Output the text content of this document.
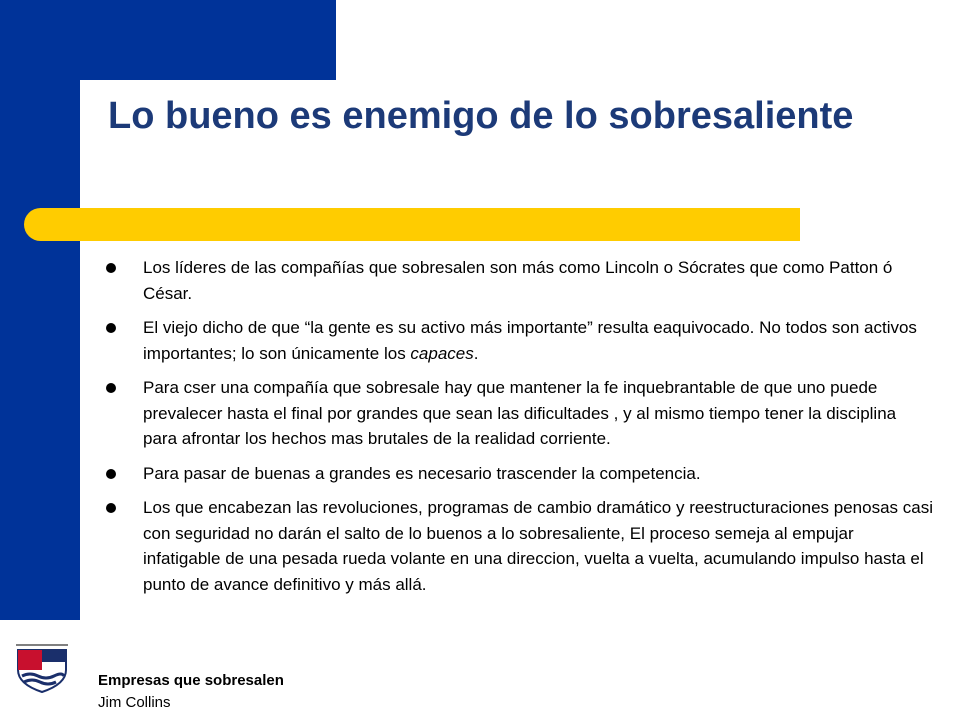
Lo bueno es enemigo de lo sobresaliente
Los líderes de las compañías que sobresalen son más como Lincoln o Sócrates que como Patton ó César.
El viejo dicho de que “la gente es su activo más importante” resulta eaquivocado. No todos son activos importantes; lo son únicamente los capaces.
Para cser una compañía que sobresale hay que mantener la fe inquebrantable de que uno puede prevalecer hasta el final por grandes que sean las dificultades , y al mismo tiempo tener la disciplina para afrontar los hechos mas brutales de la realidad corriente.
Para pasar de buenas a grandes es necesario trascender la competencia.
Los que encabezan las revoluciones, programas de cambio dramático y reestructuraciones penosas casi con seguridad no darán el salto de lo buenos a lo sobresaliente, El proceso semeja al empujar infatigable de una pesada rueda volante en una direccion, vuelta a vuelta, acumulando impulso hasta el punto de avance definitivo y más allá.

Empresas que sobresalen

Jim Collins
